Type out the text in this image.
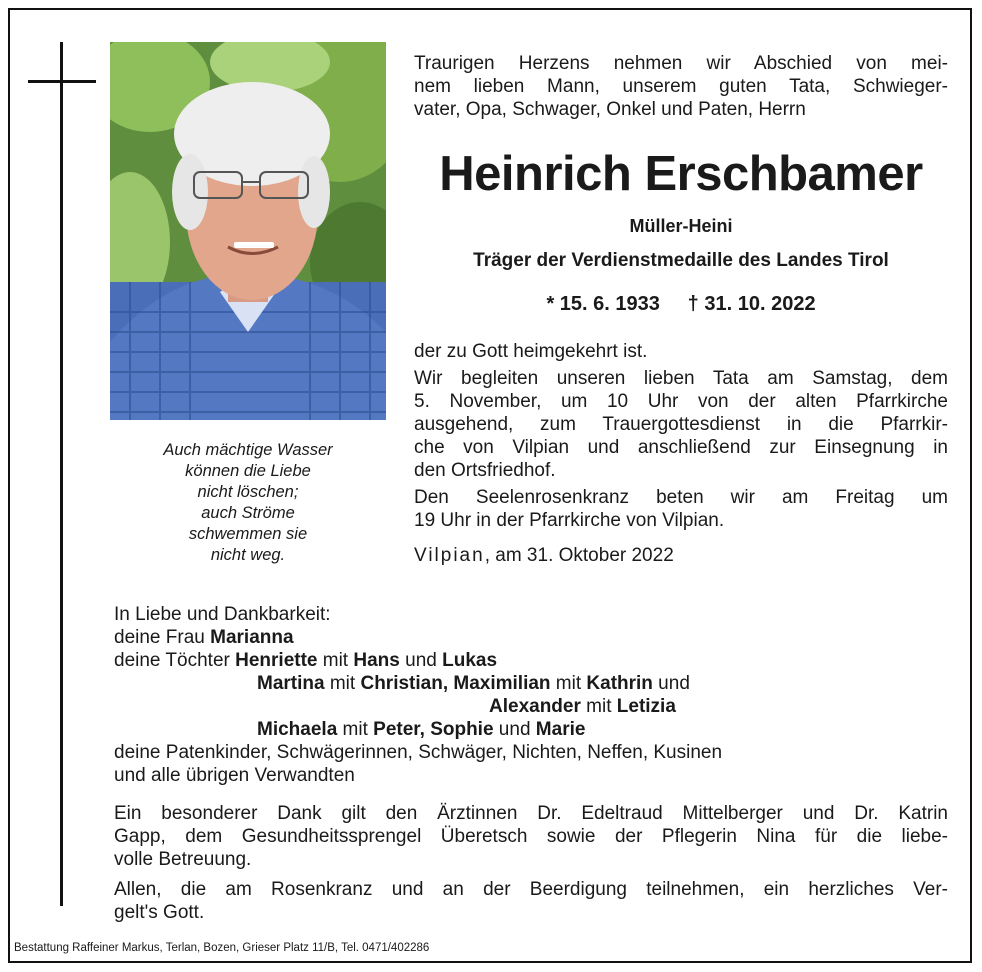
Auch mächtige Wasser
können die Liebe
nicht löschen;
auch Ströme
schwemmen sie
nicht weg.
Traurigen Herzens nehmen wir Abschied von mei-
nem lieben Mann, unserem guten Tata, Schwieger-
vater, Opa, Schwager, Onkel und Paten, Herrn
Heinrich Erschbamer
Müller-Heini
Träger der Verdienstmedaille des Landes Tirol
* 15. 6. 1933 † 31. 10. 2022
der zu Gott heimgekehrt ist.
Wir begleiten unseren lieben Tata am Samstag, dem
5. November, um 10 Uhr von der alten Pfarrkirche
ausgehend, zum Trauergottesdienst in die Pfarrkir-
che von Vilpian und anschließend zur Einsegnung in
den Ortsfriedhof.
Den Seelenrosenkranz beten wir am Freitag um
19 Uhr in der Pfarrkirche von Vilpian.
Vilpian, am 31. Oktober 2022
In Liebe und Dankbarkeit:
deine Frau Marianna
deine Töchter Henriette mit Hans und Lukas
Martina mit Christian, Maximilian mit Kathrin und
Alexander mit Letizia
Michaela mit Peter, Sophie und Marie
deine Patenkinder, Schwägerinnen, Schwäger, Nichten, Neffen, Kusinen
und alle übrigen Verwandten
Ein besonderer Dank gilt den Ärztinnen Dr. Edeltraud Mittelberger und Dr. Katrin
Gapp, dem Gesundheitssprengel Überetsch sowie der Pflegerin Nina für die liebe-
volle Betreuung.
Allen, die am Rosenkranz und an der Beerdigung teilnehmen, ein herzliches Ver-
gelt's Gott.
Bestattung Raffeiner Markus, Terlan, Bozen, Grieser Platz 11/B, Tel. 0471/402286
